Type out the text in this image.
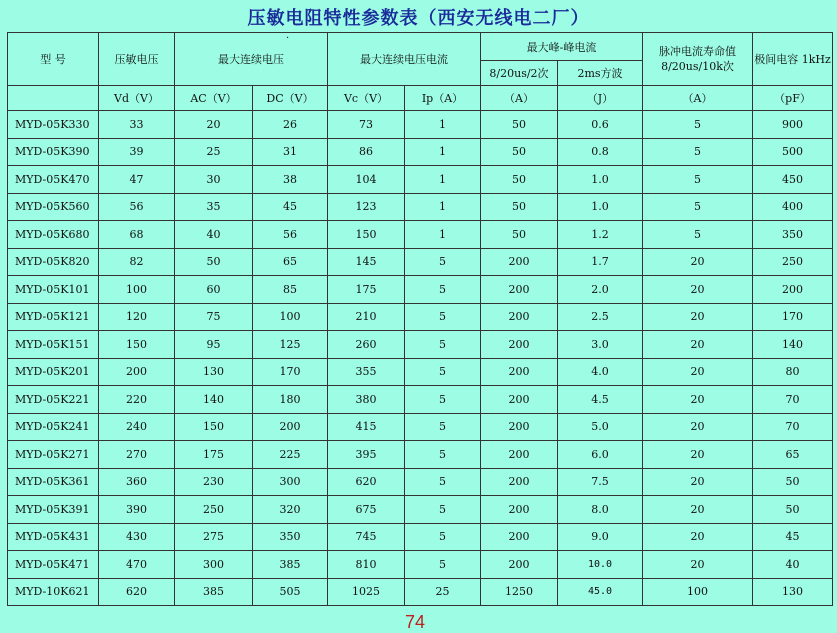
压敏电阻特性参数表（西安无线电二厂）
·
型 号	压敏电压	最大连续电压		最大连续电压电流		最大峰-峰电流		脉冲电流寿命值 8/20us/10k次	极间电容 1kHz
						8/20us/2次	2ms方波		
	Vd（V）	AC（V）	DC（V）	Vc（V）	Ip（A）	（A）	（J）	（A）	（pF）
MYD-05K330	33	20	26	73	1	50	0.6	5	900
MYD-05K390	39	25	31	86	1	50	0.8	5	500
MYD-05K470	47	30	38	104	1	50	1.0	5	450
MYD-05K560	56	35	45	123	1	50	1.0	5	400
MYD-05K680	68	40	56	150	1	50	1.2	5	350
MYD-05K820	82	50	65	145	5	200	1.7	20	250
MYD-05K101	100	60	85	175	5	200	2.0	20	200
MYD-05K121	120	75	100	210	5	200	2.5	20	170
MYD-05K151	150	95	125	260	5	200	3.0	20	140
MYD-05K201	200	130	170	355	5	200	4.0	20	80
MYD-05K221	220	140	180	380	5	200	4.5	20	70
MYD-05K241	240	150	200	415	5	200	5.0	20	70
MYD-05K271	270	175	225	395	5	200	6.0	20	65
MYD-05K361	360	230	300	620	5	200	7.5	20	50
MYD-05K391	390	250	320	675	5	200	8.0	20	50
MYD-05K431	430	275	350	745	5	200	9.0	20	45
MYD-05K471	470	300	385	810	5	200	10.0	20	40
MYD-10K621	620	385	505	1025	25	1250	45.0	100	130
74
